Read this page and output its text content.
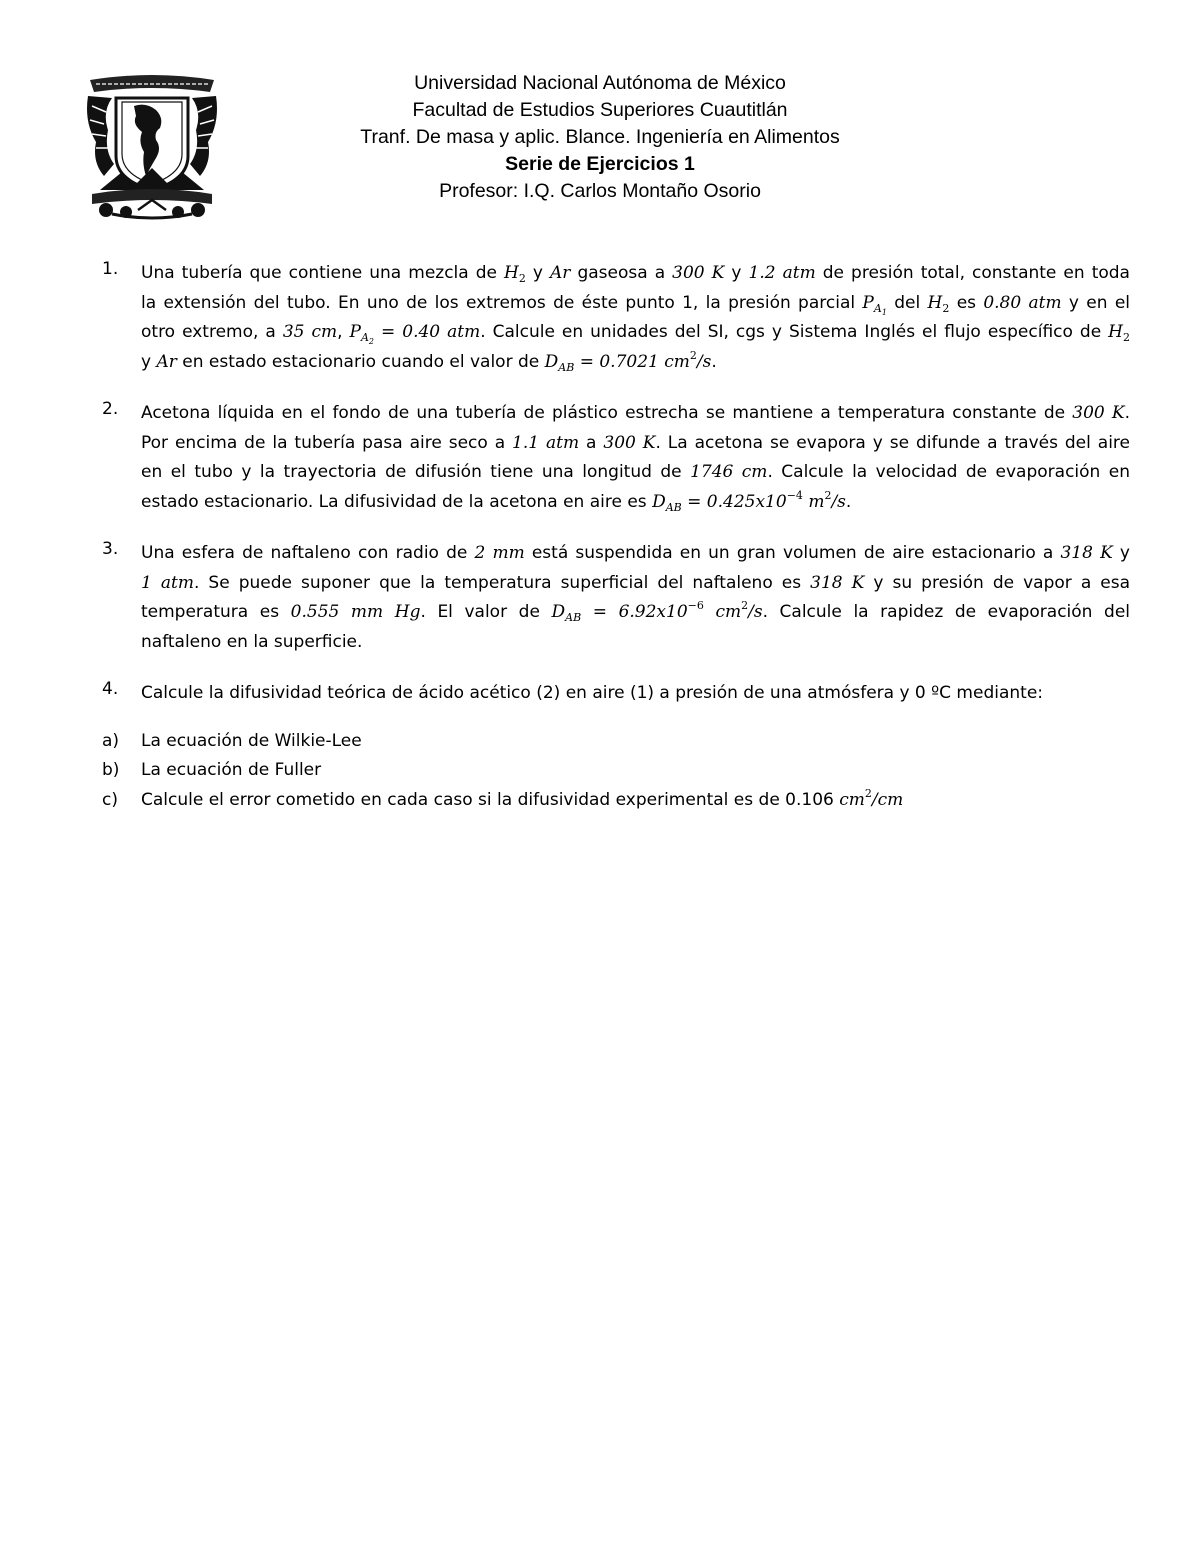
Universidad Nacional Autónoma de México
Facultad de Estudios Superiores Cuautitlán
Tranf. De masa y aplic. Blance. Ingeniería en Alimentos
Serie de Ejercicios 1
Profesor: I.Q. Carlos Montaño Osorio
1. Una tubería que contiene una mezcla de $H_2$ y Ar gaseosa a 300 K y 1.2 atm de presión total, constante en toda
la extensión del tubo. En uno de los extremos de éste punto 1, la presión parcial $P_{A_1}$ del $H_2$ es 0.80 atm y en el
otro extremo, a 35 cm, $P_{A_2} = 0.40$ atm. Calcule en unidades del SI, cgs y Sistema Inglés el flujo específico de $H_2$
y Ar en estado estacionario cuando el valor de $D_{AB} = 0.7021$ $cm^2/s$.
2. Acetona líquida en el fondo de una tubería de plástico estrecha se mantiene a temperatura constante de 300 K.
Por encima de la tubería pasa aire seco a 1.1 atm a 300 K. La acetona se evapora y se difunde a través del aire
en el tubo y la trayectoria de difusión tiene una longitud de 1746 cm. Calcule la velocidad de evaporación en
estado estacionario. La difusividad de la acetona en aire es $D_{AB} = 0.425x10^{-4}$ $m^2/s$.
3. Una esfera de naftaleno con radio de 2 mm está suspendida en un gran volumen de aire estacionario a 318 K y
1 atm. Se puede suponer que la temperatura superficial del naftaleno es 318 K y su presión de vapor a esa
temperatura es 0.555 mm Hg. El valor de $D_{AB} = 6.92x10^{-6}$ $cm^2/s$. Calcule la rapidez de evaporación del
naftaleno en la superficie.
4. Calcule la difusividad teórica de ácido acético (2) en aire (1) a presión de una atmósfera y 0 ºC mediante:
a) La ecuación de Wilkie-Lee
b) La ecuación de Fuller
c) Calcule el error cometido en cada caso si la difusividad experimental es de 0.106 $cm^2/cm$
